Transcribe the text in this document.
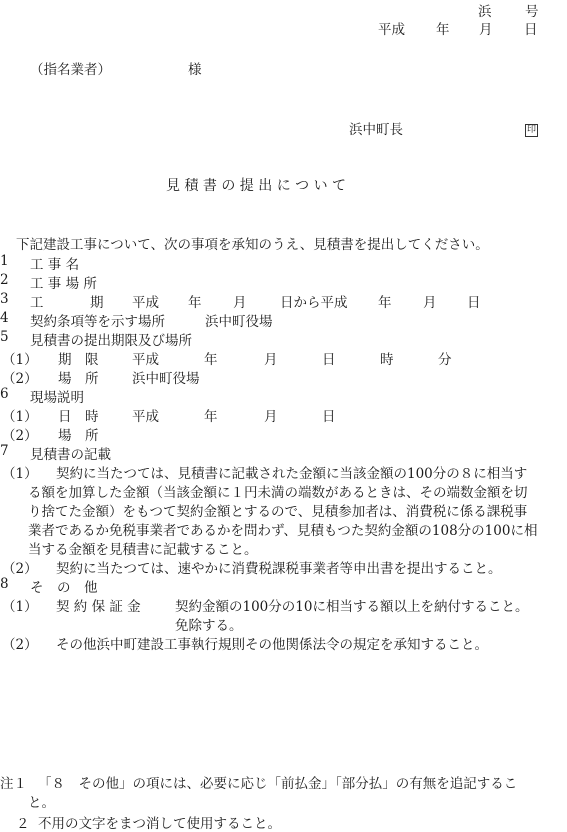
浜 号
平成 年 月 日
（指名業者）	様
浜中町長	印
見 積 書 の 提 出 に つ い て
下記建設工事について、次の事項を承知のうえ、見積書を提出してください。
1 工 事 名
2 工 事 場 所
3 工	期 平成 年 月 日から平成 年 月 日
4 契約条項等を示す場所	浜中町役場
5 見積書の提出期限及び場所
（1） 期　限 平成	年	月	日	時	分
（2） 場　所 浜中町役場
6 現場説明
（1） 日　時 平成	年	月	日
（2） 場　所
7 見積書の記載
（1） 契約に当たつては、見積書に記載された金額に当該金額の100分の８に相当す
る額を加算した金額（当該金額に１円未満の端数があるときは、その端数金額を切
り捨てた金額）をもつて契約金額とするので、見積参加者は、消費税に係る課税事
業者であるか免税事業者であるかを問わず、見積もつた契約金額の108分の100に相
当する金額を見積書に記載すること。
（2） 契約に当たつては、速やかに消費税課税事業者等申出書を提出すること。
8 そ　の　他
（1） 契 約 保 証 金	契約金額の100分の10に相当する額以上を納付すること。
免除する。
（2） その他浜中町建設工事執行規則その他関係法令の規定を承知すること。
注１ 「８　その他」の項には、必要に応じ「前払金」「部分払」の有無を追記するこ
と。
２ 不用の文字をまつ消して使用すること。
